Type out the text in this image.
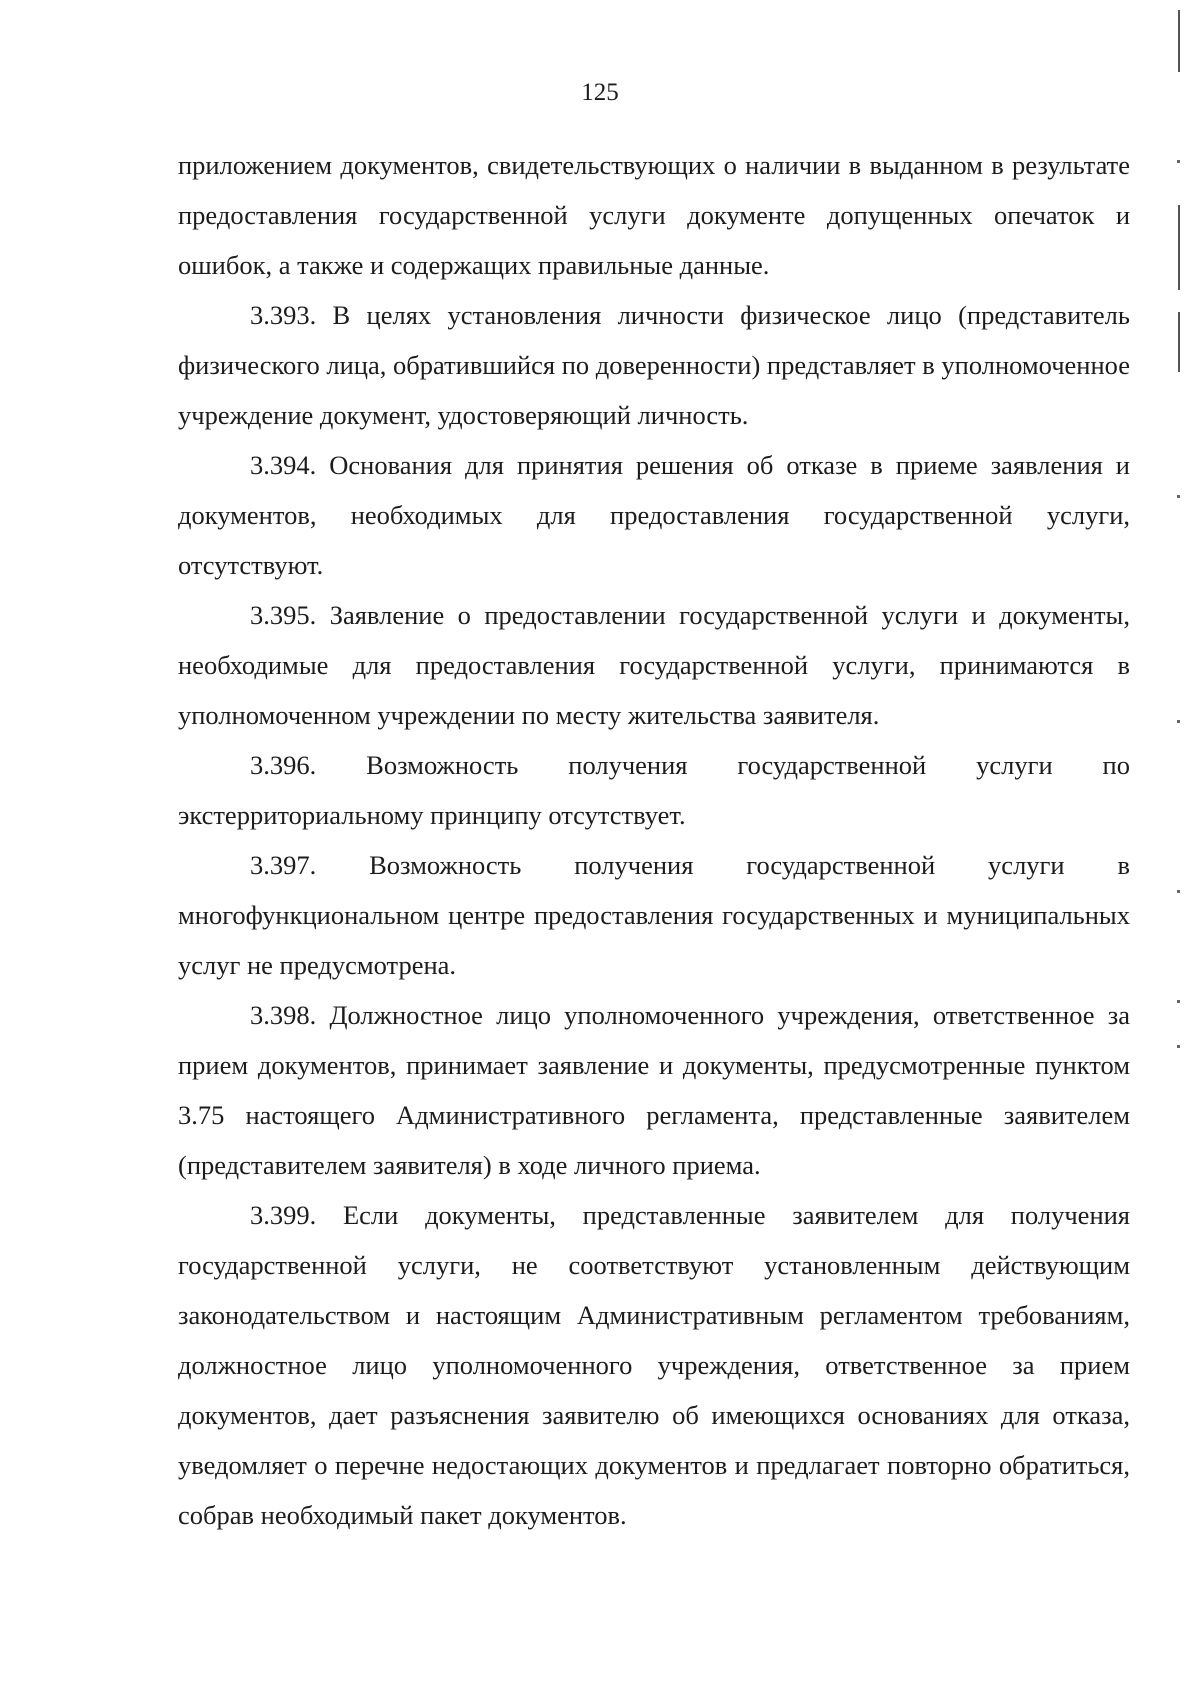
125

приложением документов, свидетельствующих о наличии в выданном в результате предоставления государственной услуги документе допущенных опечаток и ошибок, а также и содержащих правильные данные.

3.393. В целях установления личности физическое лицо (представитель физического лица, обратившийся по доверенности) представляет в уполномоченное учреждение документ, удостоверяющий личность.

3.394. Основания для принятия решения об отказе в приеме заявления и документов, необходимых для предоставления государственной услуги, отсутствуют.

3.395. Заявление о предоставлении государственной услуги и документы, необходимые для предоставления государственной услуги, принимаются в уполномоченном учреждении по месту жительства заявителя.

3.396. Возможность получения государственной услуги по экстерриториальному принципу отсутствует.

3.397. Возможность получения государственной услуги в многофункциональном центре предоставления государственных и муниципальных услуг не предусмотрена.

3.398. Должностное лицо уполномоченного учреждения, ответственное за прием документов, принимает заявление и документы, предусмотренные пунктом 3.75 настоящего Административного регламента, представленные заявителем (представителем заявителя) в ходе личного приема.

3.399. Если документы, представленные заявителем для получения государственной услуги, не соответствуют установленным действующим законодательством и настоящим Административным регламентом требованиям, должностное лицо уполномоченного учреждения, ответственное за прием документов, дает разъяснения заявителю об имеющихся основаниях для отказа, уведомляет о перечне недостающих документов и предлагает повторно обратиться, собрав необходимый пакет документов.
